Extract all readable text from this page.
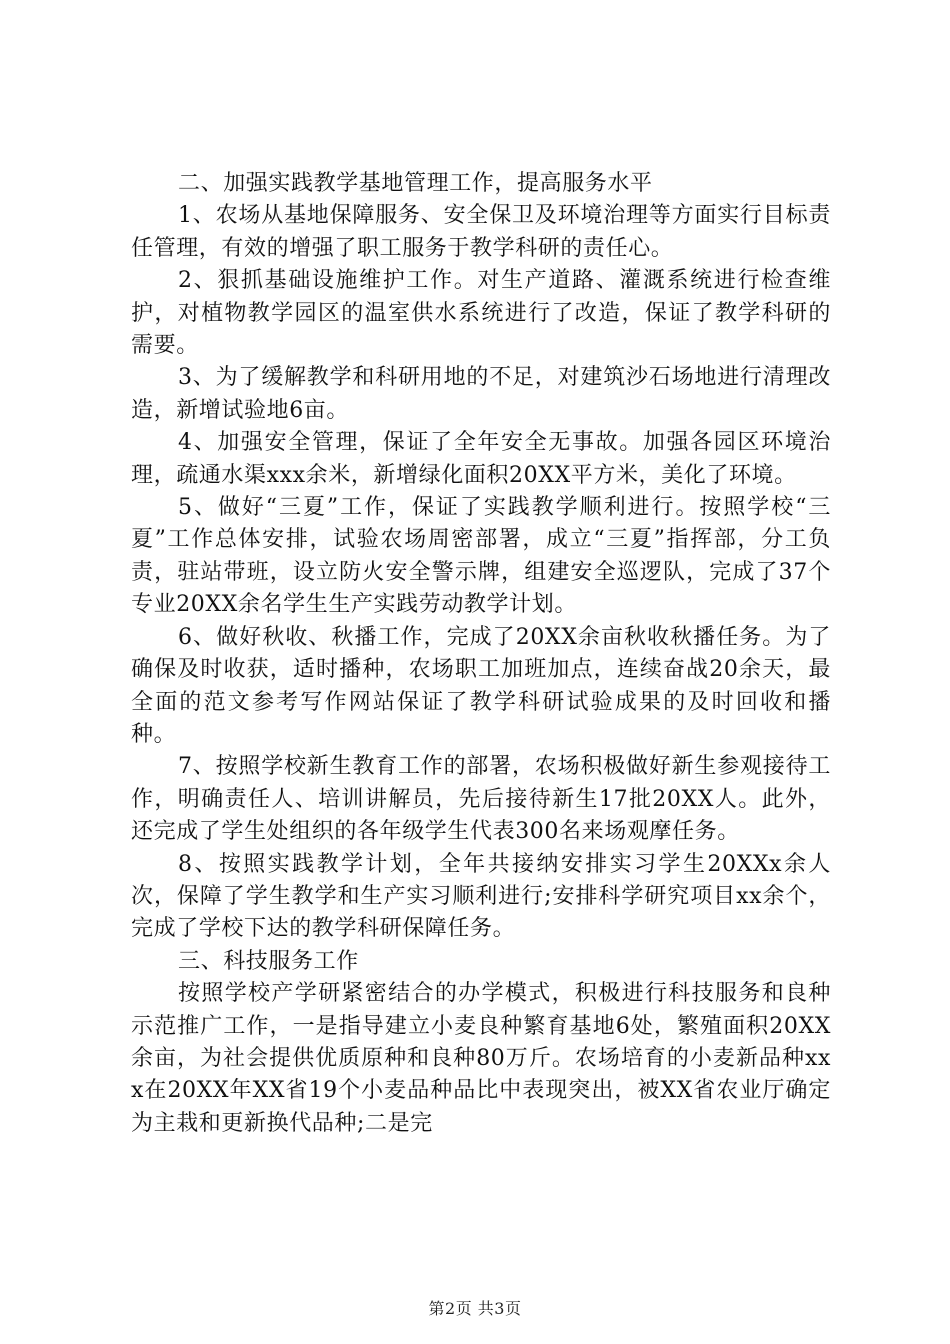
二、加强实践教学基地管理工作，提高服务水平

1、农场从基地保障服务、安全保卫及环境治理等方面实行目标责任管理，有效的增强了职工服务于教学科研的责任心。

2、狠抓基础设施维护工作。对生产道路、灌溉系统进行检查维护，对植物教学园区的温室供水系统进行了改造，保证了教学科研的需要。

3、为了缓解教学和科研用地的不足，对建筑沙石场地进行清理改造，新增试验地6亩。

4、加强安全管理，保证了全年安全无事故。加强各园区环境治理，疏通水渠xxx余米，新增绿化面积20XX平方米，美化了环境。

5、做好“三夏”工作，保证了实践教学顺利进行。按照学校“三夏”工作总体安排，试验农场周密部署，成立“三夏”指挥部，分工负责，驻站带班，设立防火安全警示牌，组建安全巡逻队，完成了37个专业20XX余名学生生产实践劳动教学计划。

6、做好秋收、秋播工作，完成了20XX余亩秋收秋播任务。为了确保及时收获，适时播种，农场职工加班加点，连续奋战20余天，最全面的范文参考写作网站保证了教学科研试验成果的及时回收和播种。

7、按照学校新生教育工作的部署，农场积极做好新生参观接待工作，明确责任人、培训讲解员，先后接待新生17批20XX人。此外，还完成了学生处组织的各年级学生代表300名来场观摩任务。

8、按照实践教学计划，全年共接纳安排实习学生20XXx余人次，保障了学生教学和生产实习顺利进行;安排科学研究项目xx余个，完成了学校下达的教学科研保障任务。

三、科技服务工作

按照学校产学研紧密结合的办学模式，积极进行科技服务和良种示范推广工作，一是指导建立小麦良种繁育基地6处，繁殖面积20XX余亩，为社会提供优质原种和良种80万斤。农场培育的小麦新品种xxx在20XX年XX省19个小麦品种品比中表现突出，被XX省农业厅确定为主栽和更新换代品种;二是完

第2页 共3页
